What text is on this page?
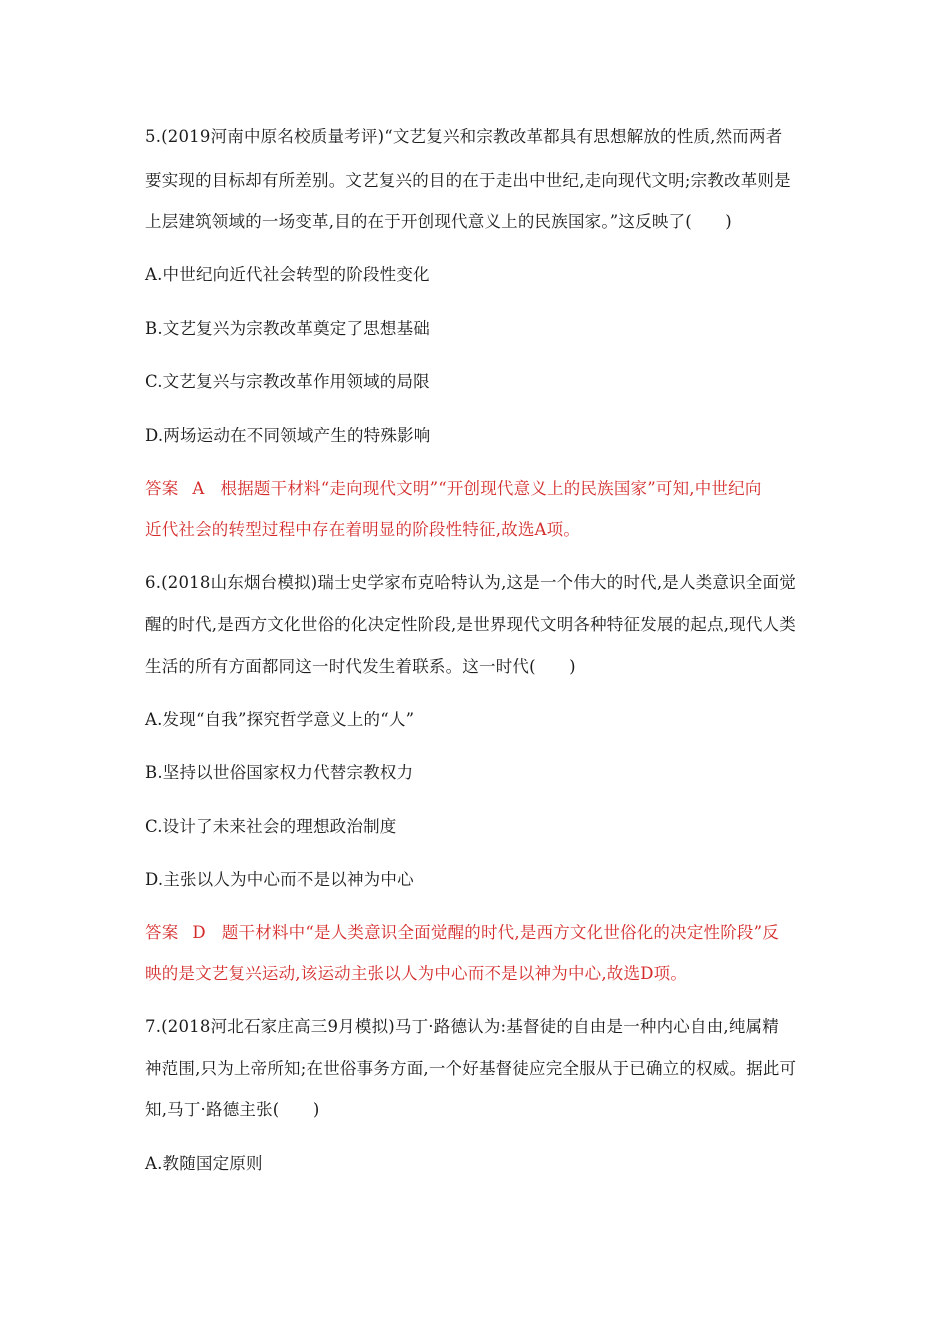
5.(2019河南中原名校质量考评)“文艺复兴和宗教改革都具有思想解放的性质,然而两者
要实现的目标却有所差别。文艺复兴的目的在于走出中世纪,走向现代文明;宗教改革则是
上层建筑领域的一场变革,目的在于开创现代意义上的民族国家。”这反映了(　　)
A.中世纪向近代社会转型的阶段性变化
B.文艺复兴为宗教改革奠定了思想基础
C.文艺复兴与宗教改革作用领域的局限
D.两场运动在不同领域产生的特殊影响
答案 A 根据题干材料“走向现代文明”“开创现代意义上的民族国家”可知,中世纪向
近代社会的转型过程中存在着明显的阶段性特征,故选A项。
6.(2018山东烟台模拟)瑞士史学家布克哈特认为,这是一个伟大的时代,是人类意识全面觉
醒的时代,是西方文化世俗的化决定性阶段,是世界现代文明各种特征发展的起点,现代人类
生活的所有方面都同这一时代发生着联系。这一时代(　　)
A.发现“自我”探究哲学意义上的“人”
B.坚持以世俗国家权力代替宗教权力
C.设计了未来社会的理想政治制度
D.主张以人为中心而不是以神为中心
答案 D 题干材料中“是人类意识全面觉醒的时代,是西方文化世俗化的决定性阶段”反
映的是文艺复兴运动,该运动主张以人为中心而不是以神为中心,故选D项。
7.(2018河北石家庄高三9月模拟)马丁·路德认为:基督徒的自由是一种内心自由,纯属精
神范围,只为上帝所知;在世俗事务方面,一个好基督徒应完全服从于已确立的权威。据此可
知,马丁·路德主张(　　)
A.教随国定原则
